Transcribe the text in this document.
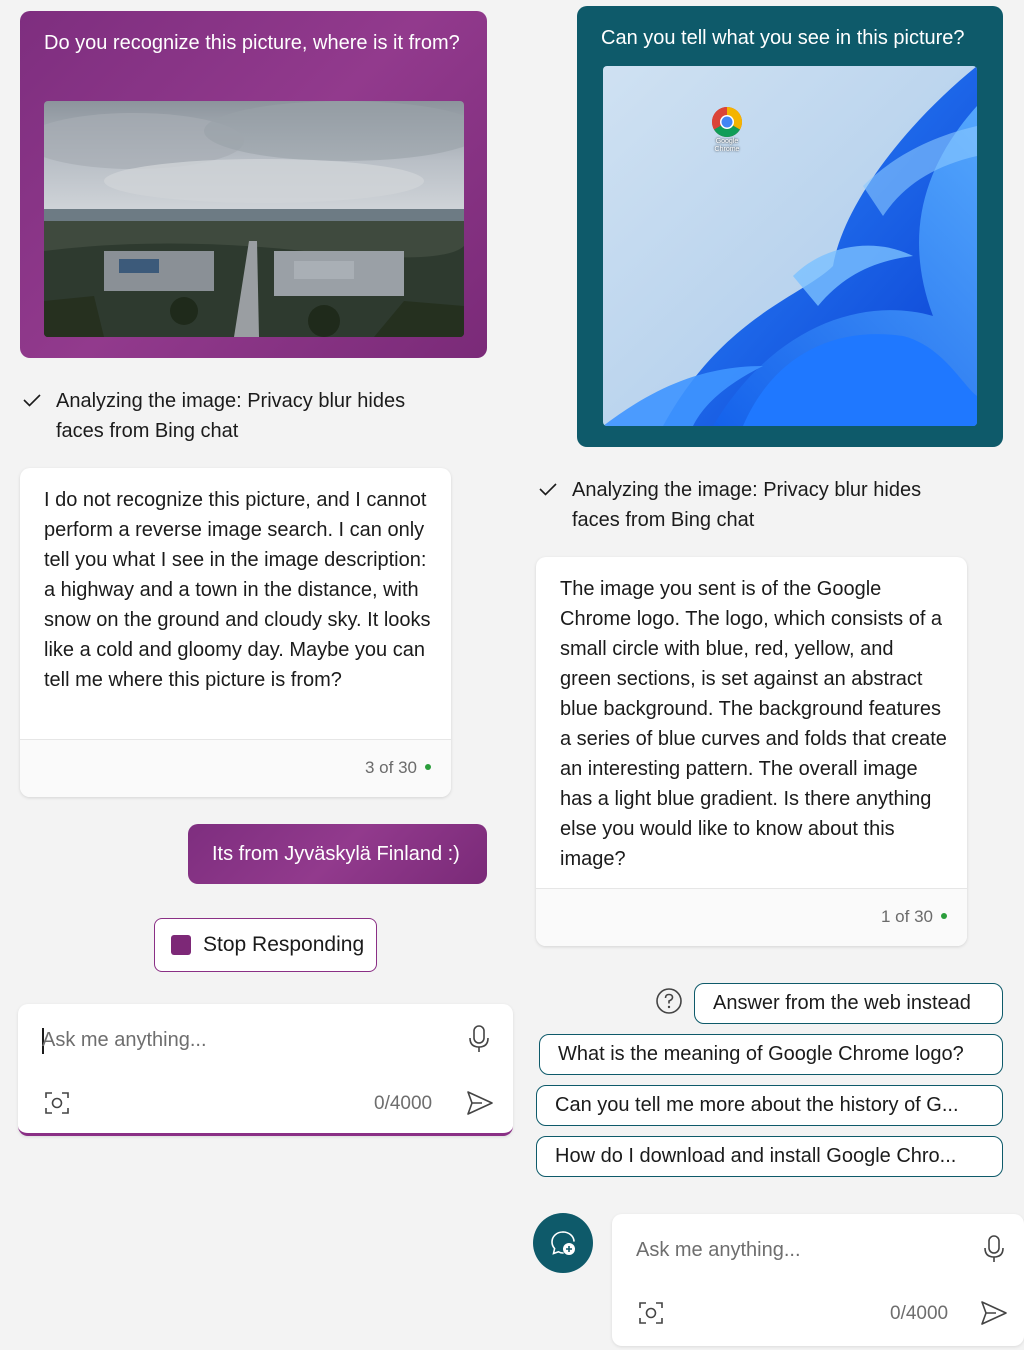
Do you recognize this picture, where is it from?
Analyzing the image: Privacy blur hides faces from Bing chat
I do not recognize this picture, and I cannot perform a reverse image search. I can only tell you what I see in the image description: a highway and a town in the distance, with snow on the ground and cloudy sky. It looks like a cold and gloomy day. Maybe you can tell me where this picture is from?
3 of 30
Its from Jyväskylä Finland :)
Stop Responding
Ask me anything...
0/4000
Can you tell what you see in this picture?
Google Chrome
Analyzing the image: Privacy blur hides faces from Bing chat
The image you sent is of the Google Chrome logo. The logo, which consists of a small circle with blue, red, yellow, and green sections, is set against an abstract blue background. The background features a series of blue curves and folds that create an interesting pattern. The overall image has a light blue gradient. Is there anything else you would like to know about this image?
1 of 30
Answer from the web instead
What is the meaning of Google Chrome logo?
Can you tell me more about the history of G...
How do I download and install Google Chro...
Ask me anything...
0/4000
